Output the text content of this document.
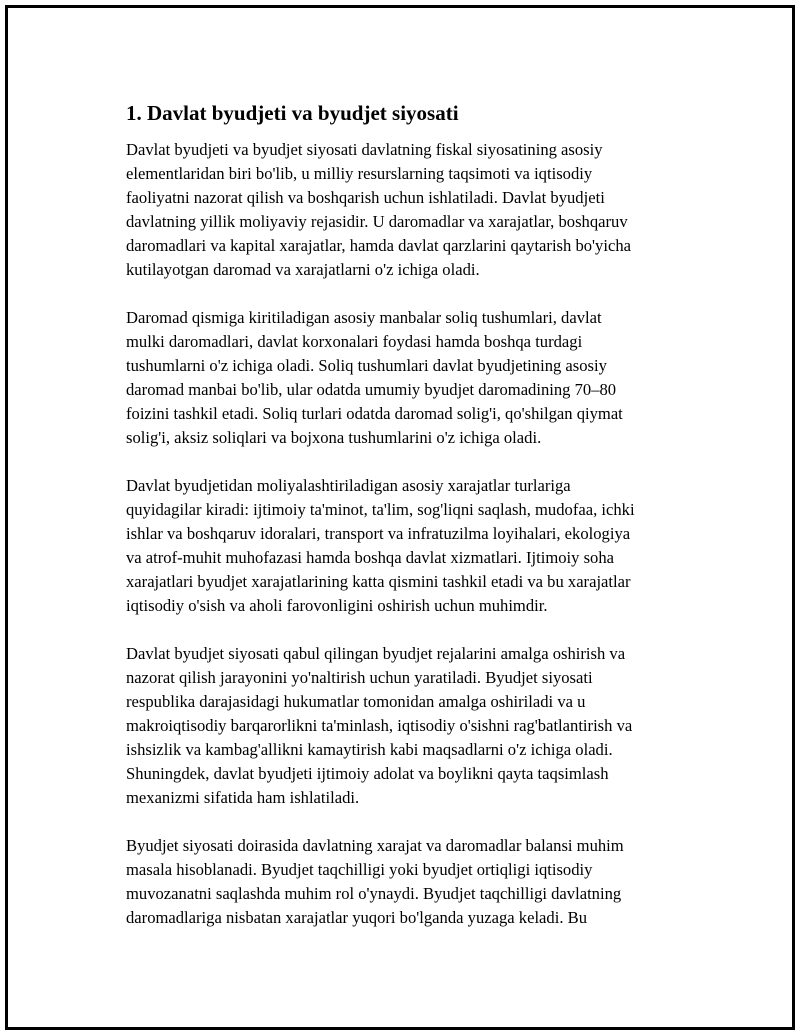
1. Davlat byudjeti va byudjet siyosati
Davlat byudjeti va byudjet siyosati davlatning fiskal siyosatining asosiy
elementlaridan biri bo'lib, u milliy resurslarning taqsimoti va iqtisodiy
faoliyatni nazorat qilish va boshqarish uchun ishlatiladi. Davlat byudjeti
davlatning yillik moliyaviy rejasidir. U daromadlar va xarajatlar, boshqaruv
daromadlari va kapital xarajatlar, hamda davlat qarzlarini qaytarish bo'yicha
kutilayotgan daromad va xarajatlarni o'z ichiga oladi.
Daromad qismiga kiritiladigan asosiy manbalar soliq tushumlari, davlat
mulki daromadlari, davlat korxonalari foydasi hamda boshqa turdagi
tushumlarni o'z ichiga oladi. Soliq tushumlari davlat byudjetining asosiy
daromad manbai bo'lib, ular odatda umumiy byudjet daromadining 70–80
foizini tashkil etadi. Soliq turlari odatda daromad solig'i, qo'shilgan qiymat
solig'i, aksiz soliqlari va bojxona tushumlarini o'z ichiga oladi.
Davlat byudjetidan moliyalashtiriladigan asosiy xarajatlar turlariga
quyidagilar kiradi: ijtimoiy ta'minot, ta'lim, sog'liqni saqlash, mudofaa, ichki
ishlar va boshqaruv idoralari, transport va infratuzilma loyihalari, ekologiya
va atrof-muhit muhofazasi hamda boshqa davlat xizmatlari. Ijtimoiy soha
xarajatlari byudjet xarajatlarining katta qismini tashkil etadi va bu xarajatlar
iqtisodiy o'sish va aholi farovonligini oshirish uchun muhimdir.
Davlat byudjet siyosati qabul qilingan byudjet rejalarini amalga oshirish va
nazorat qilish jarayonini yo'naltirish uchun yaratiladi. Byudjet siyosati
respublika darajasidagi hukumatlar tomonidan amalga oshiriladi va u
makroiqtisodiy barqarorlikni ta'minlash, iqtisodiy o'sishni rag'batlantirish va
ishsizlik va kambag'allikni kamaytirish kabi maqsadlarni o'z ichiga oladi.
Shuningdek, davlat byudjeti ijtimoiy adolat va boylikni qayta taqsimlash
mexanizmi sifatida ham ishlatiladi.
Byudjet siyosati doirasida davlatning xarajat va daromadlar balansi muhim
masala hisoblanadi. Byudjet taqchilligi yoki byudjet ortiqligi iqtisodiy
muvozanatni saqlashda muhim rol o'ynaydi. Byudjet taqchilligi davlatning
daromadlariga nisbatan xarajatlar yuqori bo'lganda yuzaga keladi. Bu
